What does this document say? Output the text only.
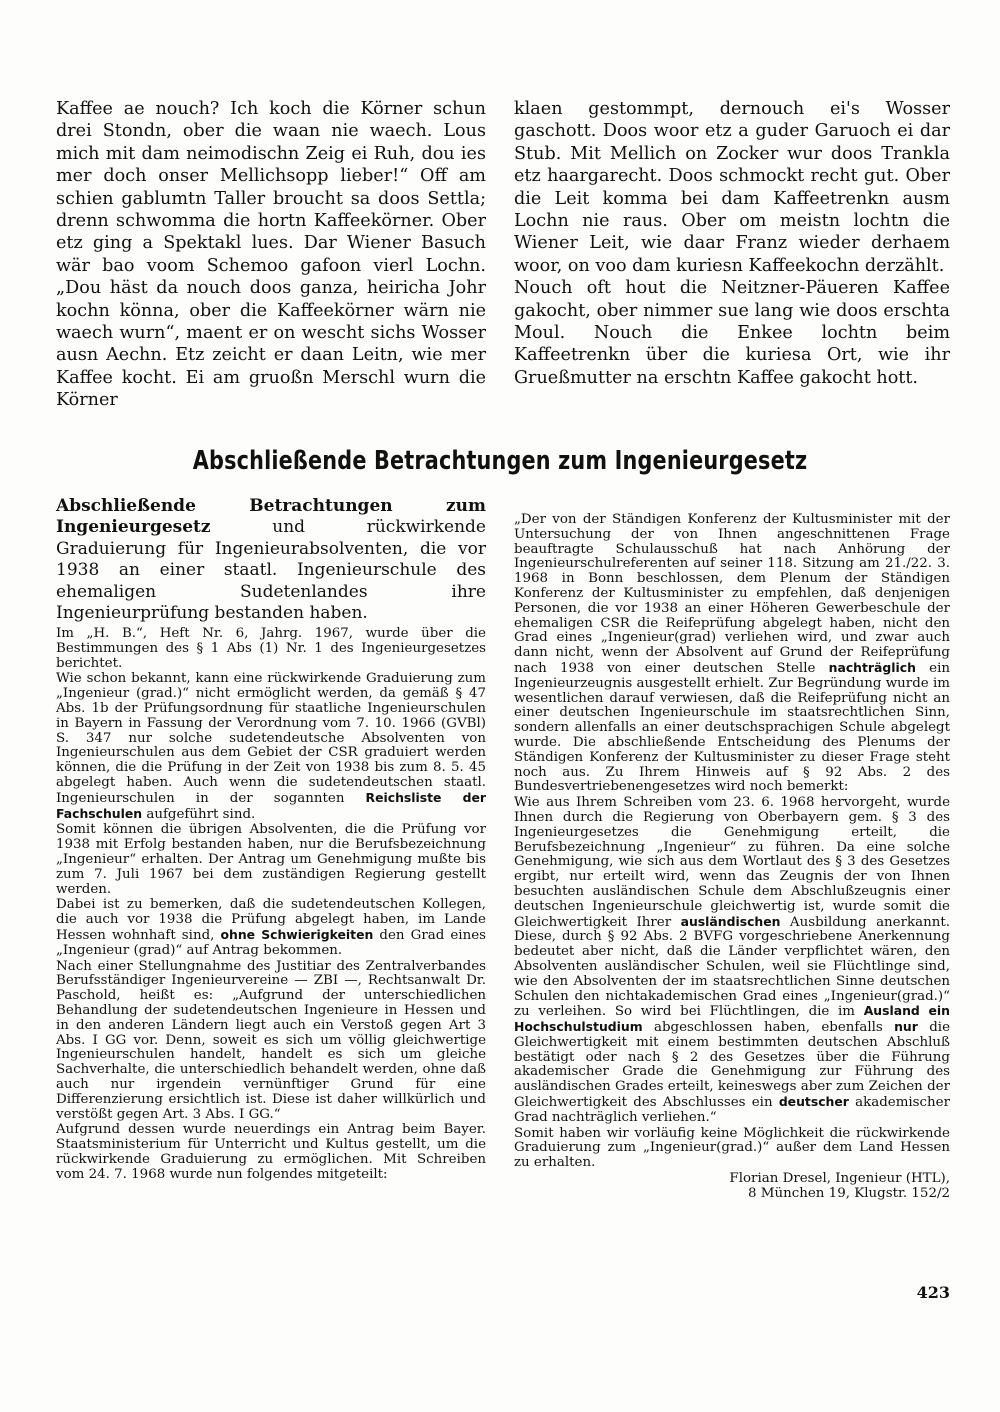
Kaffee ae nouch? Ich koch die Körner schun drei Stondn, ober die waan nie waech. Lous mich mit dam neimodischn Zeig ei Ruh, dou ies mer doch onser Mellichsopp lieber!“ Off am schien gablumtn Taller broucht sa doos Settla; drenn schwomma die hortn Kaffeekörner. Ober etz ging a Spektakl lues. Dar Wiener Basuch wär bao voom Schemoo gafoon vierl Lochn. „Dou häst da nouch doos ganza, heiricha Johr kochn könna, ober die Kaffeekörner wärn nie waech wurn“, maent er on wescht sichs Wosser ausn Aechn. Etz zeicht er daan Leitn, wie mer Kaffee kocht. Ei am gruoßn Merschl wurn die Körner

klaen gestommpt, dernouch ei's Wosser gaschott. Doos woor etz a guder Garuoch ei dar Stub. Mit Mellich on Zocker wur doos Trankla etz haargarecht. Doos schmockt recht gut. Ober die Leit komma bei dam Kaffeetrenkn ausm Lochn nie raus. Ober om meistn lochtn die Wiener Leit, wie daar Franz wieder derhaem woor, on voo dam kuriesn Kaffeekochn derzählt.

Nouch oft hout die Neitzner-Päueren Kaffee gakocht, ober nimmer sue lang wie doos erschta Moul. Nouch die Enkee lochtn beim Kaffeetrenkn über die kuriesa Ort, wie ihr Grueßmutter na erschtn Kaffee gakocht hott.

Abschließende Betrachtungen zum Ingenieurgesetz

Abschließende Betrachtungen zum Ingenieurgesetz und rückwirkende Graduierung für Ingenieurabsolventen, die vor 1938 an einer staatl. Ingenieurschule des ehemaligen Sudetenlandes ihre Ingenieurprüfung bestanden haben.

Im „H. B.“, Heft Nr. 6, Jahrg. 1967, wurde über die Bestimmungen des § 1 Abs (1) Nr. 1 des Ingenieurgesetzes berichtet.

Wie schon bekannt, kann eine rückwirkende Graduierung zum „Ingenieur (grad.)“ nicht ermöglicht werden, da gemäß § 47 Abs. 1b der Prüfungsordnung für staatliche Ingenieurschulen in Bayern in Fassung der Verordnung vom 7. 10. 1966 (GVBl) S. 347 nur solche sudetendeutsche Absolventen von Ingenieurschulen aus dem Gebiet der CSR graduiert werden können, die die Prüfung in der Zeit von 1938 bis zum 8. 5. 45 abgelegt haben. Auch wenn die sudetendeutschen staatl. Ingenieurschulen in der sogannten Reichsliste der Fachschulen aufgeführt sind.

Somit können die übrigen Absolventen, die die Prüfung vor 1938 mit Erfolg bestanden haben, nur die Berufsbezeichnung „Ingenieur“ erhalten. Der Antrag um Genehmigung mußte bis zum 7. Juli 1967 bei dem zuständigen Regierung gestellt werden.

Dabei ist zu bemerken, daß die sudetendeutschen Kollegen, die auch vor 1938 die Prüfung abgelegt haben, im Lande Hessen wohnhaft sind, ohne Schwierigkeiten den Grad eines „Ingenieur (grad)“ auf Antrag bekommen.

Nach einer Stellungnahme des Justitiar des Zentralverbandes Berufsständiger Ingenieurvereine — ZBI —, Rechtsanwalt Dr. Paschold, heißt es: „Aufgrund der unterschiedlichen Behandlung der sudetendeutschen Ingenieure in Hessen und in den anderen Ländern liegt auch ein Verstoß gegen Art 3 Abs. I GG vor. Denn, soweit es sich um völlig gleichwertige Ingenieurschulen handelt, handelt es sich um gleiche Sachverhalte, die unterschiedlich behandelt werden, ohne daß auch nur irgendein vernünftiger Grund für eine Differenzierung ersichtlich ist. Diese ist daher willkürlich und verstößt gegen Art. 3 Abs. I GG.“

Aufgrund dessen wurde neuerdings ein Antrag beim Bayer. Staatsministerium für Unterricht und Kultus gestellt, um die rückwirkende Graduierung zu ermöglichen. Mit Schreiben vom 24. 7. 1968 wurde nun folgendes mitgeteilt:

„Der von der Ständigen Konferenz der Kultusminister mit der Untersuchung der von Ihnen angeschnittenen Frage beauftragte Schulausschuß hat nach Anhörung der Ingenieurschulreferenten auf seiner 118. Sitzung am 21./22. 3. 1968 in Bonn beschlossen, dem Plenum der Ständigen Konferenz der Kultusminister zu empfehlen, daß denjenigen Personen, die vor 1938 an einer Höheren Gewerbeschule der ehemaligen CSR die Reifeprüfung abgelegt haben, nicht den Grad eines „Ingenieur(grad) verliehen wird, und zwar auch dann nicht, wenn der Absolvent auf Grund der Reifeprüfung nach 1938 von einer deutschen Stelle nachträglich ein Ingenieurzeugnis ausgestellt erhielt. Zur Begründung wurde im wesentlichen darauf verwiesen, daß die Reifeprüfung nicht an einer deutschen Ingenieurschule im staatsrechtlichen Sinn, sondern allenfalls an einer deutschsprachigen Schule abgelegt wurde. Die abschließende Entscheidung des Plenums der Ständigen Konferenz der Kultusminister zu dieser Frage steht noch aus. Zu Ihrem Hinweis auf § 92 Abs. 2 des Bundesvertriebenengesetzes wird noch bemerkt:

Wie aus Ihrem Schreiben vom 23. 6. 1968 hervorgeht, wurde Ihnen durch die Regierung von Oberbayern gem. § 3 des Ingenieurgesetzes die Genehmigung erteilt, die Berufsbezeichnung „Ingenieur“ zu führen. Da eine solche Genehmigung, wie sich aus dem Wortlaut des § 3 des Gesetzes ergibt, nur erteilt wird, wenn das Zeugnis der von Ihnen besuchten ausländischen Schule dem Abschlußzeugnis einer deutschen Ingenieurschule gleichwertig ist, wurde somit die Gleichwertigkeit Ihrer ausländischen Ausbildung anerkannt. Diese, durch § 92 Abs. 2 BVFG vorgeschriebene Anerkennung bedeutet aber nicht, daß die Länder verpflichtet wären, den Absolventen ausländischer Schulen, weil sie Flüchtlinge sind, wie den Absolventen der im staatsrechtlichen Sinne deutschen Schulen den nichtakademischen Grad eines „Ingenieur(grad.)“ zu verleihen. So wird bei Flüchtlingen, die im Ausland ein Hochschulstudium abgeschlossen haben, ebenfalls nur die Gleichwertigkeit mit einem bestimmten deutschen Abschluß bestätigt oder nach § 2 des Gesetzes über die Führung akademischer Grade die Genehmigung zur Führung des ausländischen Grades erteilt, keineswegs aber zum Zeichen der Gleichwertigkeit des Abschlusses ein deutscher akademischer Grad nachträglich verliehen.“

Somit haben wir vorläufig keine Möglichkeit die rückwirkende Graduierung zum „Ingenieur(grad.)“ außer dem Land Hessen zu erhalten.

Florian Dresel, Ingenieur (HTL),
8 München 19, Klugstr. 152/2

423
